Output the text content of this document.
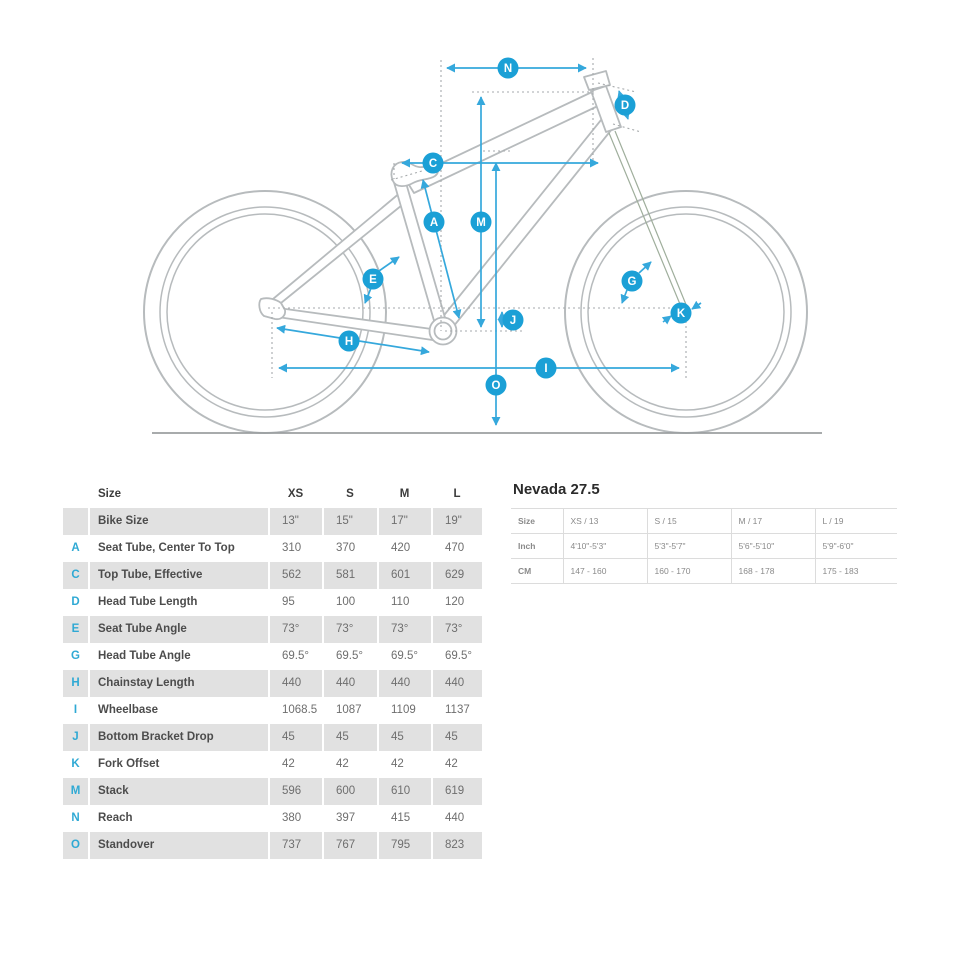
N
D
C
A	M
E	G
H
I
J
K
O
	Size	XS	S	M	L
	Bike Size	13"	15"	17"	19"
A	Seat Tube, Center To Top	310	370	420	470
C	Top Tube, Effective	562	581	601	629
D	Head Tube Length	95	100	110	120
E	Seat Tube Angle	73°	73°	73°	73°
G	Head Tube Angle	69.5°	69.5°	69.5°	69.5°
H	Chainstay Length	440	440	440	440
I	Wheelbase	1068.5	1087	1109	1137
J	Bottom Bracket Drop	45	45	45	45
K	Fork Offset	42	42	42	42
M	Stack	596	600	610	619
N	Reach	380	397	415	440
O	Standover	737	767	795	823
Nevada 27.5
Size	XS / 13	S / 15	M / 17	L / 19
Inch	4'10"-5'3"	5'3"-5'7"	5'6"-5'10"	5'9"-6'0"
CM	147 - 160	160 - 170	168 - 178	175 - 183
